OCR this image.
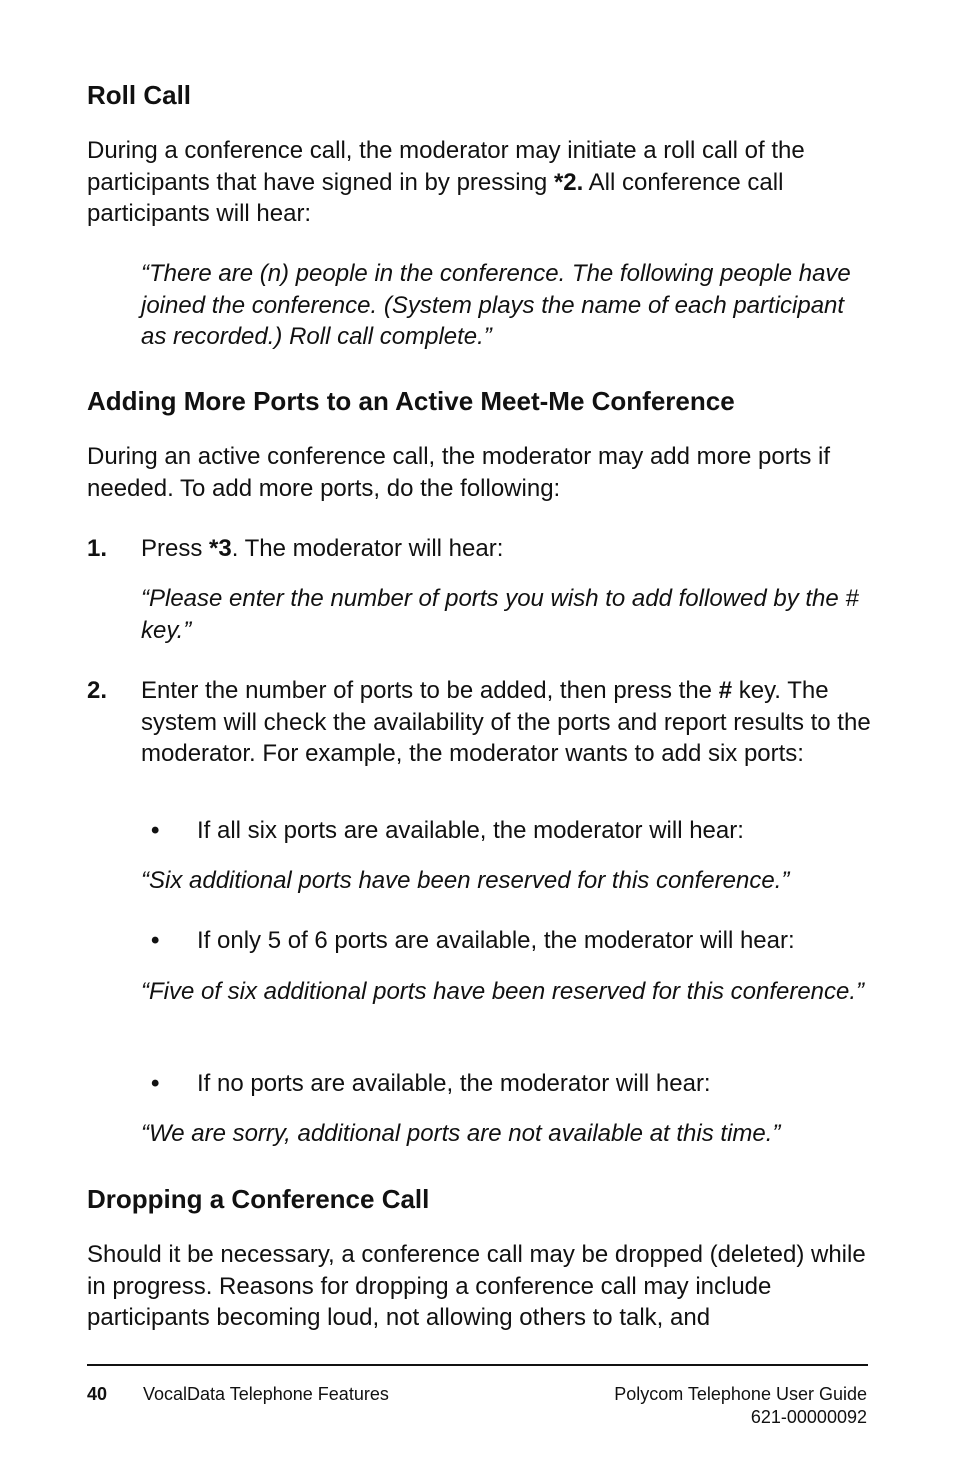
Roll Call

During a conference call, the moderator may initiate a roll call of the participants that have signed in by pressing *2. All conference call participants will hear:

“There are (n) people in the conference. The following people have joined the conference. (System plays the name of each participant as recorded.) Roll call complete.”

Adding More Ports to an Active Meet-Me Conference

During an active conference call, the moderator may add more ports if needed. To add more ports, do the following:

1. Press *3. The moderator will hear:

“Please enter the number of ports you wish to add followed by the # key.”

2. Enter the number of ports to be added, then press the # key. The system will check the availability of the ports and report results to the moderator. For example, the moderator wants to add six ports:
• If all six ports are available, the moderator will hear:

“Six additional ports have been reserved for this conference.”

• If only 5 of 6 ports are available, the moderator will hear:

“Five of six additional ports have been reserved for this conference.”

• If no ports are available, the moderator will hear:

“We are sorry, additional ports are not available at this time.”

Dropping a Conference Call

Should it be necessary, a conference call may be dropped (deleted) while in progress. Reasons for dropping a conference call may include participants becoming loud, not allowing others to talk, and

40 VocalData Telephone Features	Polycom Telephone User Guide
621-00000092
